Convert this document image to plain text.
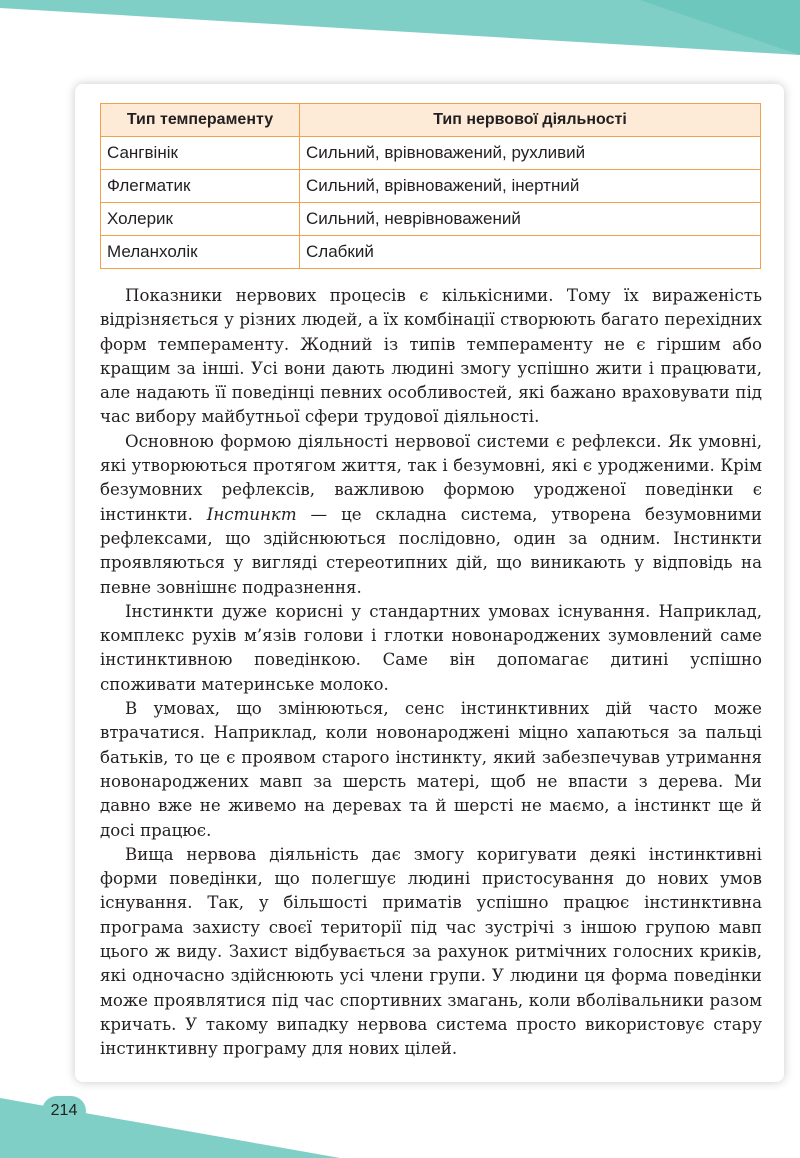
Тип темпераменту	Тип нервової діяльності
Сангвінік	Сильний, врівноважений, рухливий
Флегматик	Сильний, врівноважений, інертний
Холерик	Сильний, неврівноважений
Меланхолік	Слабкий

Показники нервових процесів є кількісними. Тому їх вираженість відрізняється у різних людей, а їх комбінації створюють багато перехідних форм темпераменту. Жодний із типів темпераменту не є гіршим або кращим за інші. Усі вони дають людині змогу успішно жити і працювати, але надають її поведінці певних особливостей, які бажано враховувати під час вибору майбутньої сфери трудової діяльності.

Основною формою діяльності нервової системи є рефлекси. Як умовні, які утворюються протягом життя, так і безумовні, які є уродженими. Крім безумовних рефлексів, важливою формою уродженої поведінки є інстинкти. Інстинкт — це складна система, утворена безумовними рефлексами, що здійснюються послідовно, один за одним. Інстинкти проявляються у вигляді стереотипних дій, що виникають у відповідь на певне зовнішнє подразнення.

Інстинкти дуже корисні у стандартних умовах існування. Наприклад, комплекс рухів м’язів голови і глотки новонароджених зумовлений саме інстинктивною поведінкою. Саме він допомагає дитині успішно споживати материнське молоко.

В умовах, що змінюються, сенс інстинктивних дій часто може втрачатися. Наприклад, коли новонароджені міцно хапаються за пальці батьків, то це є проявом старого інстинкту, який забезпечував утримання новонароджених мавп за шерсть матері, щоб не впасти з дерева. Ми давно вже не живемо на деревах та й шерсті не маємо, а інстинкт ще й досі працює.

Вища нервова діяльність дає змогу коригувати деякі інстинктивні форми поведінки, що полегшує людині пристосування до нових умов існування. Так, у більшості приматів успішно працює інстинктивна програма захисту своєї території під час зустрічі з іншою групою мавп цього ж виду. Захист відбувається за рахунок ритмічних голосних криків, які одночасно здійснюють усі члени групи. У людини ця форма поведінки може проявлятися під час спортивних змагань, коли вболівальники разом кричать. У такому випадку нервова система просто використовує стару інстинктивну програму для нових цілей.

214
